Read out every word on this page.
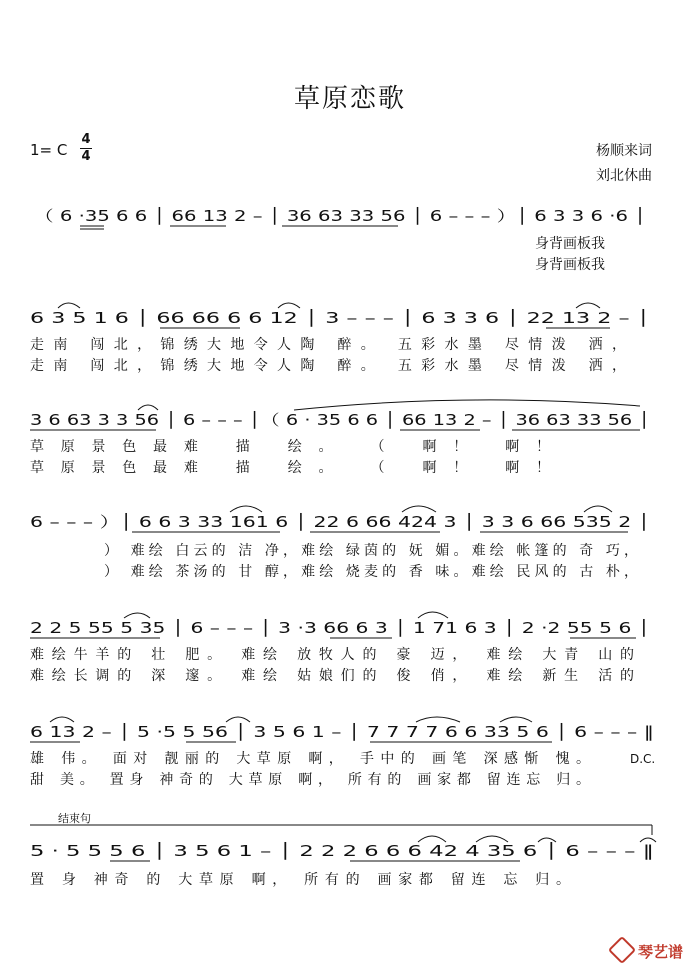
草原恋歌
1= C
4
4	杨顺来词
刘北休曲
（ 6 ·35 6 6 │ 66 13 2 – │ 36 63 33 56 │ 6 – – – ）│ 6 3 3 6 ·6 │
身背画板我
身背画板我
6 3 5 1 6 │ 66 66 6 6 12 │ 3 – – – │ 6 3 3 6 │ 22 13 2 – │
走南 闯北，锦绣大地令人陶 醉。 五彩水墨 尽情泼 洒，
走南 闯北，锦绣大地令人陶 醉。 五彩水墨 尽情泼 洒，
3 6 63 3 3 56 │ 6 – – – │（ 6 · 35 6 6 │ 66 13 2 – │ 36 63 33 56 │
草原景色最难 描 绘。 （ 啊！ 啊！
草原景色最难 描 绘。 （ 啊！ 啊！
6 – – – ）│ 6 6 3 33 161 6 │ 22 6 66 424 3 │ 3 3 6 66 535 2 │
） 难绘 白云的 洁 净，难绘 绿茵的 妩 媚。难绘 帐篷的 奇 巧，
） 难绘 茶汤的 甘 醇，难绘 烧麦的 香 味。难绘 民风的 古 朴，
2 2 5 55 5 35 │ 6 – – – │ 3 ·3 66 6 3 │ 1 71 6 3 │ 2 ·2 55 5 6 │
难绘牛羊的 壮 肥。 难绘 放牧人的 豪 迈， 难绘 大青 山的
难绘长调的 深 邃。 难绘 姑娘们的 俊 俏， 难绘 新生 活的
6 13 2 – │ 5 ·5 5 56 │ 3 5 6 1 – │ 7 7 7 7 6 6 33 5 6 │ 6 – – – ‖
雄 伟。 面对 靓丽的 大草原 啊， 手中的 画笔 深感惭 愧。
甜 美。 置身 神奇的 大草原 啊， 所有的 画家都 留连忘 归。
D.C.
结束句
5 · 5 5 5 6 │ 3 5 6 1 – │ 2 2 2 6 6 6 42 4 35 6 │ 6 – – – ‖
置 身 神奇 的 大草原 啊， 所有的 画家都 留连 忘 归。
琴艺谱
